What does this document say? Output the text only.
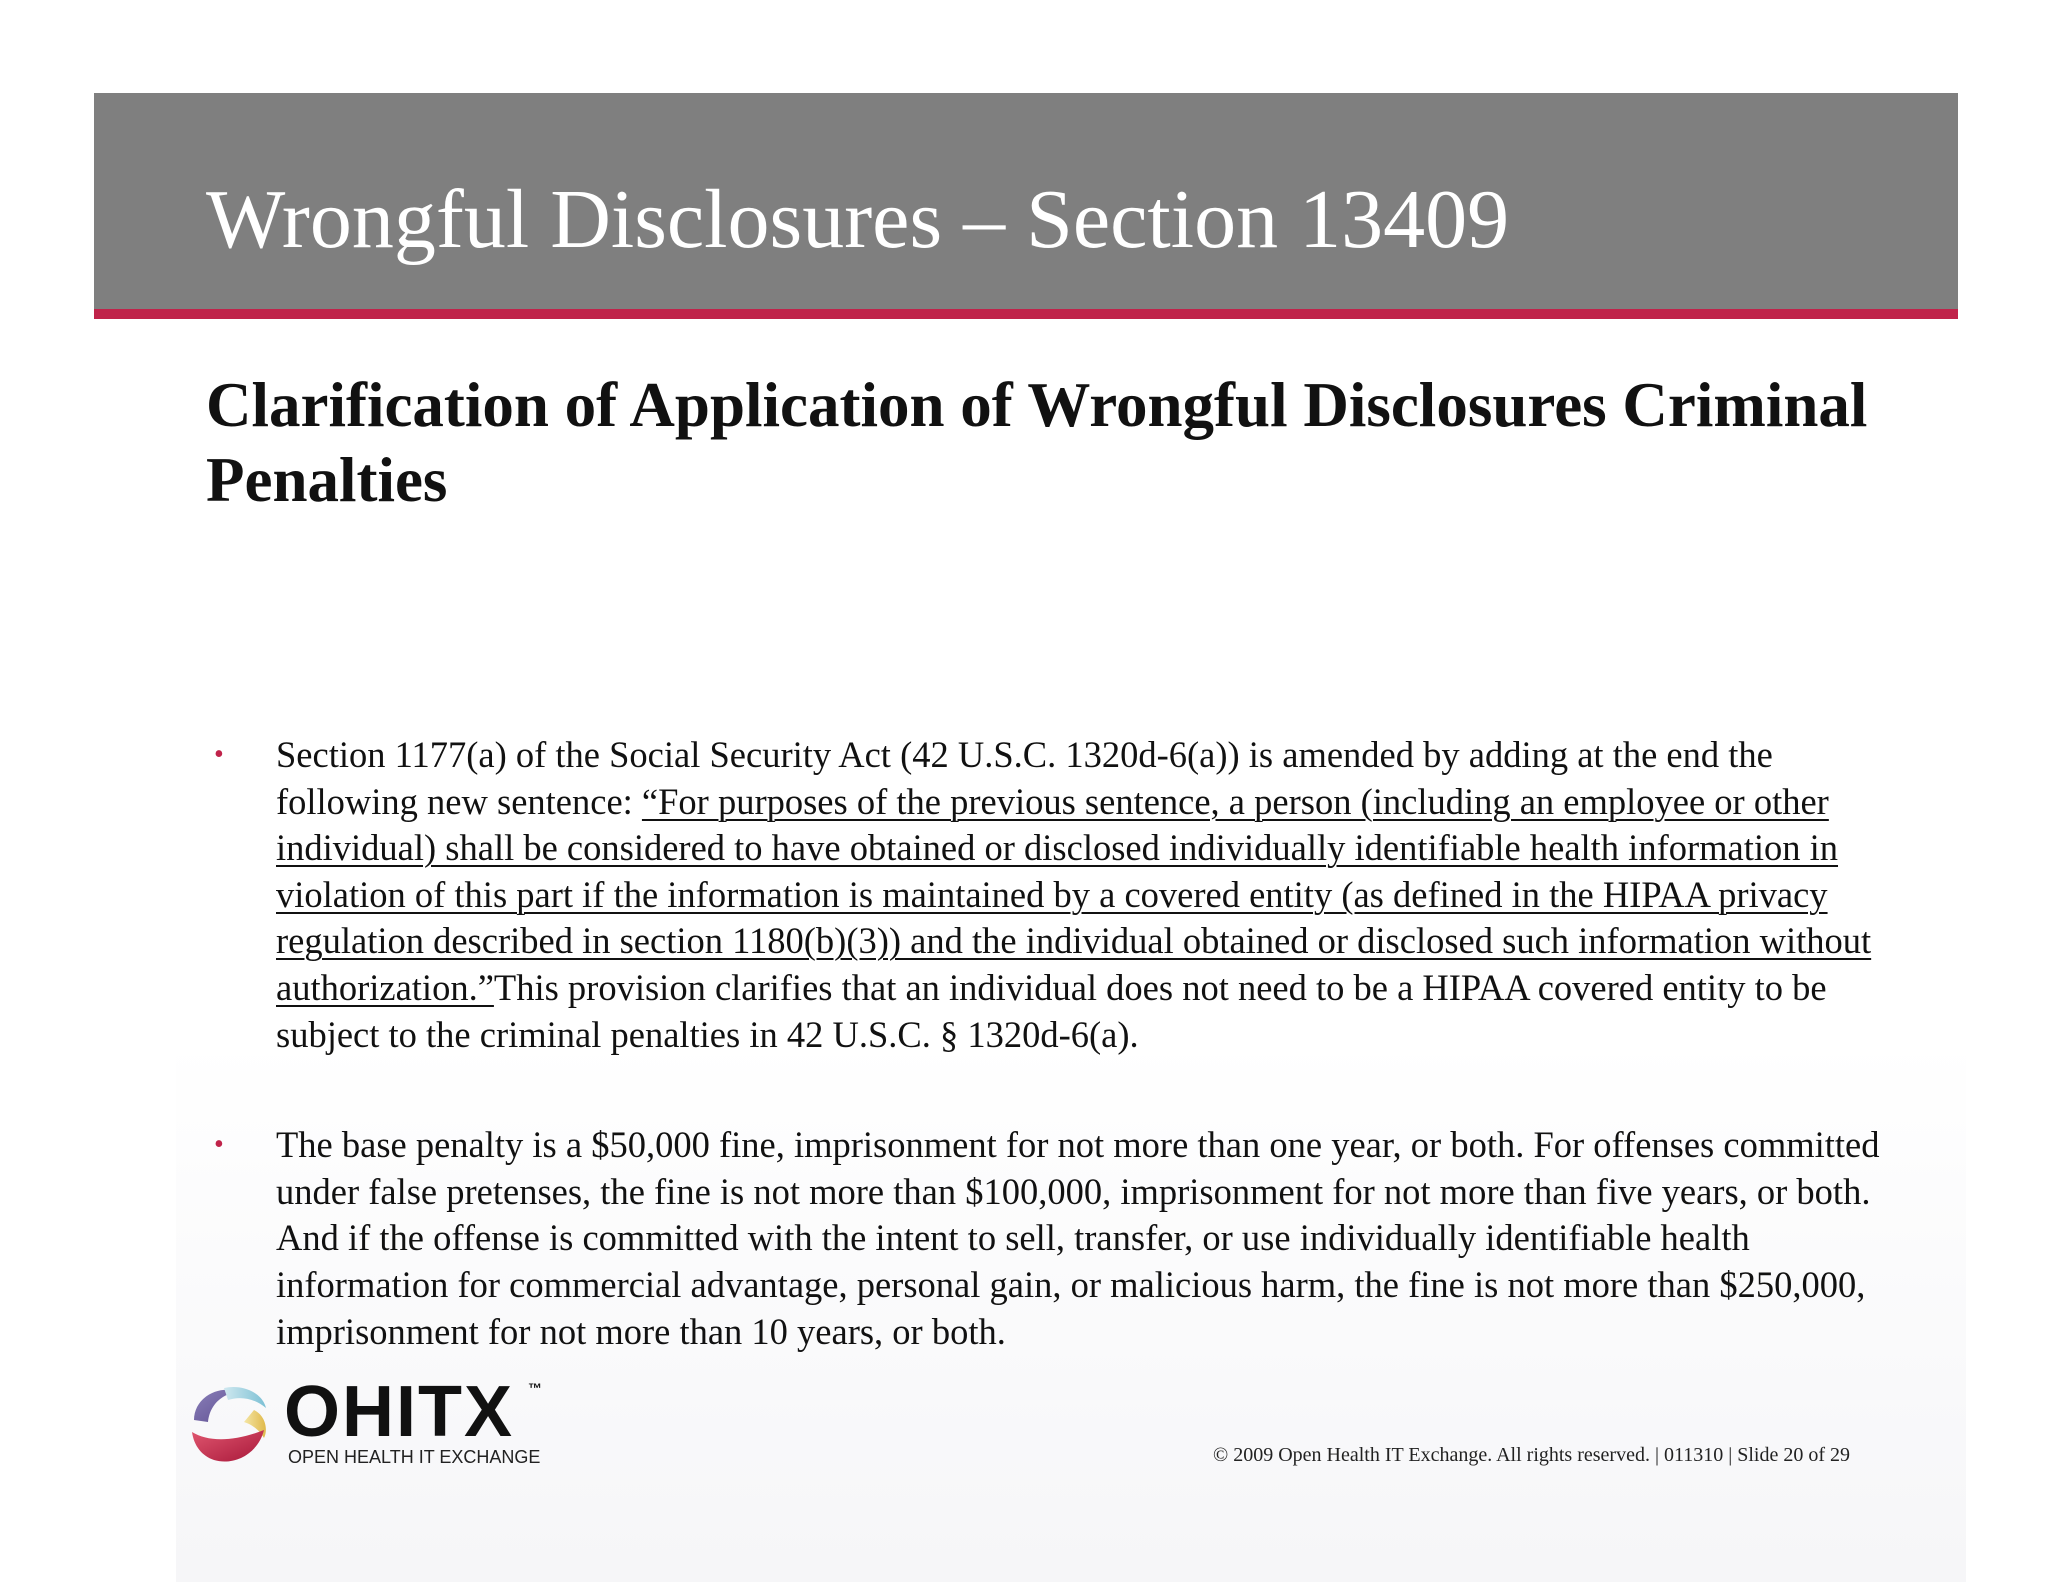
Wrongful Disclosures – Section 13409
Clarification of Application of Wrongful Disclosures Criminal Penalties
• Section 1177(a) of the Social Security Act (42 U.S.C. 1320d-6(a)) is amended by adding at the end the following new sentence: “For purposes of the previous sentence, a person (including an employee or other individual) shall be considered to have obtained or disclosed individually identifiable health information in violation of this part if the information is maintained by a covered entity (as defined in the HIPAA privacy regulation described in section 1180(b)(3)) and the individual obtained or disclosed such information without authorization.”This provision clarifies that an individual does not need to be a HIPAA covered entity to be subject to the criminal penalties in 42 U.S.C. § 1320d-6(a).
• The base penalty is a $50,000 fine, imprisonment for not more than one year, or both. For offenses committed under false pretenses, the fine is not more than $100,000, imprisonment for not more than five years, or both. And if the offense is committed with the intent to sell, transfer, or use individually identifiable health information for commercial advantage, personal gain, or malicious harm, the fine is not more than $250,000, imprisonment for not more than 10 years, or both.
OHITX ™
OPEN HEALTH IT EXCHANGE	© 2009 Open Health IT Exchange. All rights reserved. | 011310 | Slide 20 of 29
